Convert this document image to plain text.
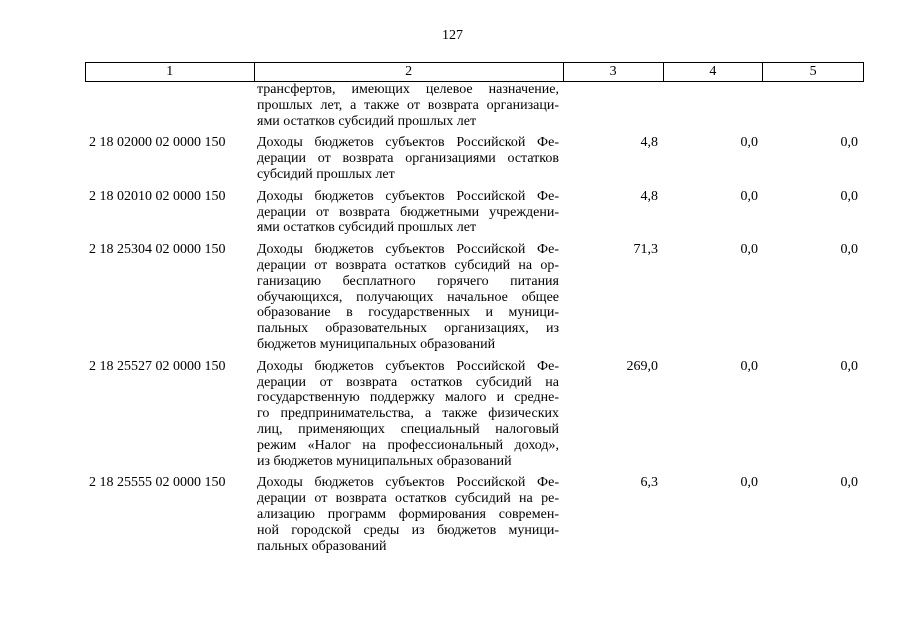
127
1	2	3	4	5
трансфертов, имеющих целевое назначение,
прошлых лет, а также от возврата организаци-
ями остатков субсидий прошлых лет
2 18 02000 02 0000 150	Доходы бюджетов субъектов Российской Фе-
дерации от возврата организациями остатков
субсидий прошлых лет
4,8	0,0	0,0
2 18 02010 02 0000 150	Доходы бюджетов субъектов Российской Фе-
дерации от возврата бюджетными учреждени-
ями остатков субсидий прошлых лет
4,8	0,0	0,0
2 18 25304 02 0000 150	Доходы бюджетов субъектов Российской Фе-
дерации от возврата остатков субсидий на ор-
ганизацию бесплатного горячего питания
обучающихся, получающих начальное общее
образование в государственных и муници-
пальных образовательных организациях, из
бюджетов муниципальных образований
71,3	0,0	0,0
2 18 25527 02 0000 150	Доходы бюджетов субъектов Российской Фе-
дерации от возврата остатков субсидий на
государственную поддержку малого и средне-
го предпринимательства, а также физических
лиц, применяющих специальный налоговый
режим «Налог на профессиональный доход»,
из бюджетов муниципальных образований
269,0	0,0	0,0
2 18 25555 02 0000 150	Доходы бюджетов субъектов Российской Фе-
дерации от возврата остатков субсидий на ре-
ализацию программ формирования современ-
ной городской среды из бюджетов муници-
пальных образований
6,3	0,0	0,0
